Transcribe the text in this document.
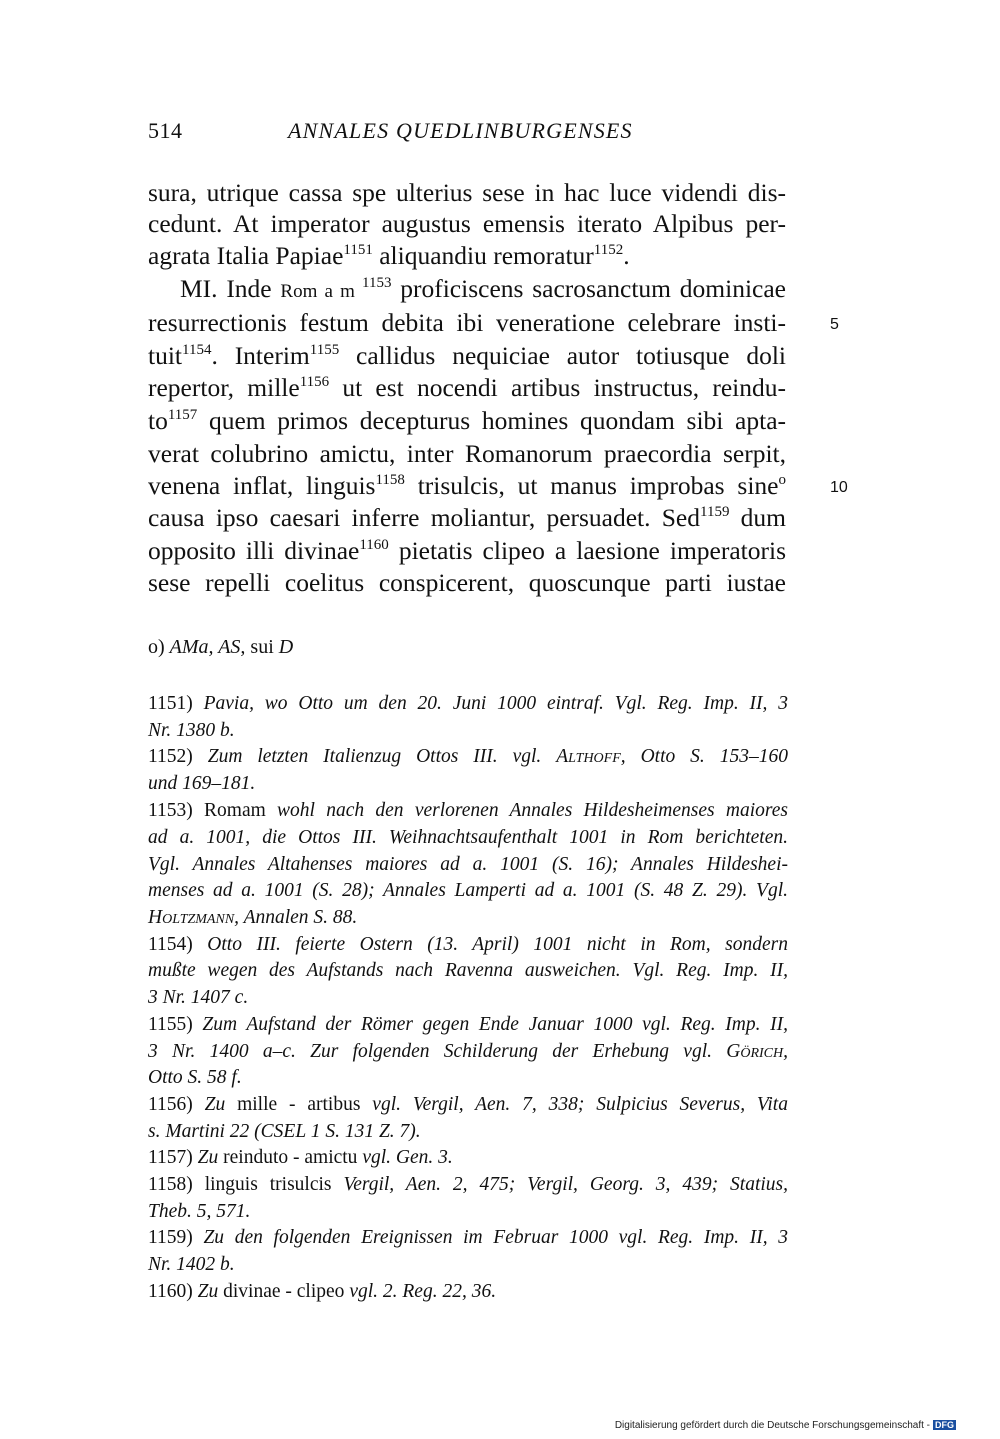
514	ANNALES QUEDLINBURGENSES
sura, utrique cassa spe ulterius sese in hac luce videndi dis-
cedunt. At imperator augustus emensis iterato Alpibus per-
agrata Italia Papiae$^{1151}$ aliquandiu remoratur$^{1152}$.
MI. Inde Rom a m $^{1153}$ proficiscens sacrosanctum dominicae
resurrectionis festum debita ibi veneratione celebrare insti-
tuit$^{1154}$. Interim$^{1155}$ callidus nequiciae autor totiusque doli
repertor, mille$^{1156}$ ut est nocendi artibus instructus, reindu-
$to^{1157}$ quem primos decepturus homines quondam sibi apta-
verat colubrino amictu, inter Romanorum praecordia serpit,
venena inflat, linguis$^{1158}$ trisulcis, ut manus improbas sine$^o$
causa ipso caesari inferre moliantur, persuadet. Sed$^{1159}$ dum
opposito illi divinae$^{1160}$ pietatis clipeo a laesione imperatoris
sese repelli coelitus conspicerent, quoscunque parti iustae
5
10
o) AMa, AS, sui D
1151) Pavia, wo Otto um den 20. Juni 1000 eintraf. Vgl. Reg. Imp. II, 3
Nr. 1380 b.
1152) Zum letzten Italienzug Ottos III. vgl. Althoff, Otto S. 153–160
und 169–181.
1153) Romam wohl nach den verlorenen Annales Hildesheimenses maiores
ad a. 1001, die Ottos III. Weihnachtsaufenthalt 1001 in Rom berichteten.
Vgl. Annales Altahenses maiores ad a. 1001 (S. 16); Annales Hildeshei-
menses ad a. 1001 (S. 28); Annales Lamperti ad a. 1001 (S. 48 Z. 29). Vgl.
Holtzmann, Annalen S. 88.
1154) Otto III. feierte Ostern (13. April) 1001 nicht in Rom, sondern
mußte wegen des Aufstands nach Ravenna ausweichen. Vgl. Reg. Imp. II,
3 Nr. 1407 c.
1155) Zum Aufstand der Römer gegen Ende Januar 1000 vgl. Reg. Imp. II,
3 Nr. 1400 a–c. Zur folgenden Schilderung der Erhebung vgl. Görich,
Otto S. 58 f.
1156) Zu mille - artibus vgl. Vergil, Aen. 7, 338; Sulpicius Severus, Vita
s. Martini 22 (CSEL 1 S. 131 Z. 7).
1157) Zu reinduto - amictu vgl. Gen. 3.
1158) linguis trisulcis Vergil, Aen. 2, 475; Vergil, Georg. 3, 439; Statius,
Theb. 5, 571.
1159) Zu den folgenden Ereignissen im Februar 1000 vgl. Reg. Imp. II, 3
Nr. 1402 b.
1160) Zu divinae - clipeo vgl. 2. Reg. 22, 36.
Digitalisierung gefördert durch die Deutsche Forschungsgemeinschaft - DFG
